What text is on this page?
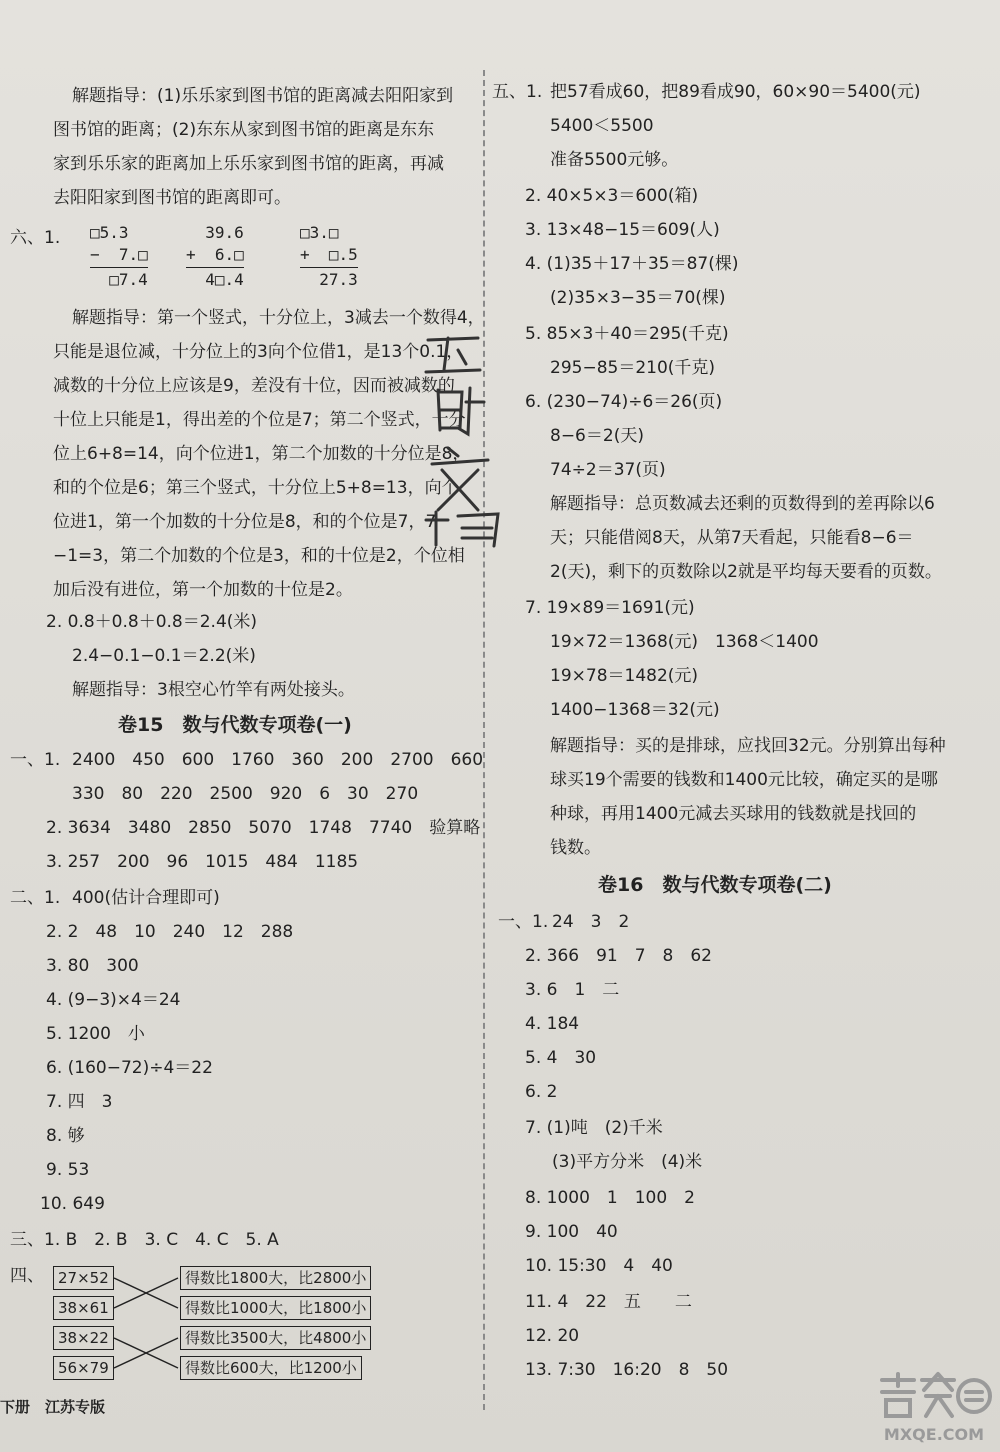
解题指导：(1)乐乐家到图书馆的距离减去阳阳家到
图书馆的距离；(2)东东从家到图书馆的距离是东东
家到乐乐家的距离加上乐乐家到图书馆的距离，再减
去阳阳家到图书馆的距离即可。
六、1. □5.3
−  7.□
□7.4
39.6
+  6.□
4□.4
□3.□
+  □.5
27.3
解题指导：第一个竖式，十分位上，3减去一个数得4，
只能是退位减，十分位上的3向个位借1，是13个0.1，
减数的十分位上应该是9，差没有十位，因而被减数的
十位上只能是1，得出差的个位是7；第二个竖式，十分
位上6+8=14，向个位进1，第二个加数的十分位是8，
和的个位是6；第三个竖式，十分位上5+8=13，向个
位进1，第一个加数的十分位是8，和的个位是7，7
−1=3，第二个加数的个位是3，和的十位是2，个位相
加后没有进位，第一个加数的十位是2。
2. 0.8＋0.8＋0.8＝2.4(米)
2.4−0.1−0.1＝2.2(米)
解题指导：3根空心竹竿有两处接头。
卷15　数与代数专项卷(一)
一、1. 2400　450　600　1760　360　200　2700　660
330　80　220　2500　920　6　30　270
2. 3634　3480　2850　5070　1748　7740　验算略
3. 257　200　96　1015　484　1185
二、1. 400(估计合理即可)
2. 2　48　10　240　12　288
3. 80　300
4. (9−3)×4＝24
5. 1200　小
6. (160−72)÷4＝22
7. 四　3
8. 够
9. 53
10. 649
三、1. B　2. B　3. C　4. C　5. A
四、 27×52
38×61
38×22
56×79
得数比1800大，比2800小
得数比1000大，比1800小
得数比3500大，比4800小
得数比600大，比1200小
下册　江苏专版
五、1. 把57看成60，把89看成90，60×90＝5400(元)
5400＜5500
准备5500元够。
2. 40×5×3＝600(箱)
3. 13×48−15＝609(人)
4. (1)35＋17＋35＝87(棵)
(2)35×3−35＝70(棵)
5. 85×3＋40＝295(千克)
295−85＝210(千克)
6. (230−74)÷6＝26(页)
8−6＝2(天)
74÷2＝37(页)
解题指导：总页数减去还剩的页数得到的差再除以6
天；只能借阅8天，从第7天看起，只能看8−6＝
2(天)，剩下的页数除以2就是平均每天要看的页数。
7. 19×89＝1691(元)
19×72＝1368(元)　1368＜1400
19×78＝1482(元)
1400−1368＝32(元)
解题指导：买的是排球，应找回32元。分别算出每种
球买19个需要的钱数和1400元比较，确定买的是哪
种球，再用1400元减去买球用的钱数就是找回的
钱数。
卷16　数与代数专项卷(二)
一、1. 24　3　2
2. 366　91　7　8　62
3. 6　1　二
4. 184
5. 4　30
6. 2
7. (1)吨　(2)千米
(3)平方分米　(4)米
8. 1000　1　100　2
9. 100　40
10. 15:30　4　40
11. 4　22　五　　二
12. 20
13. 7:30　16:20　8　50
MXQE.COM
